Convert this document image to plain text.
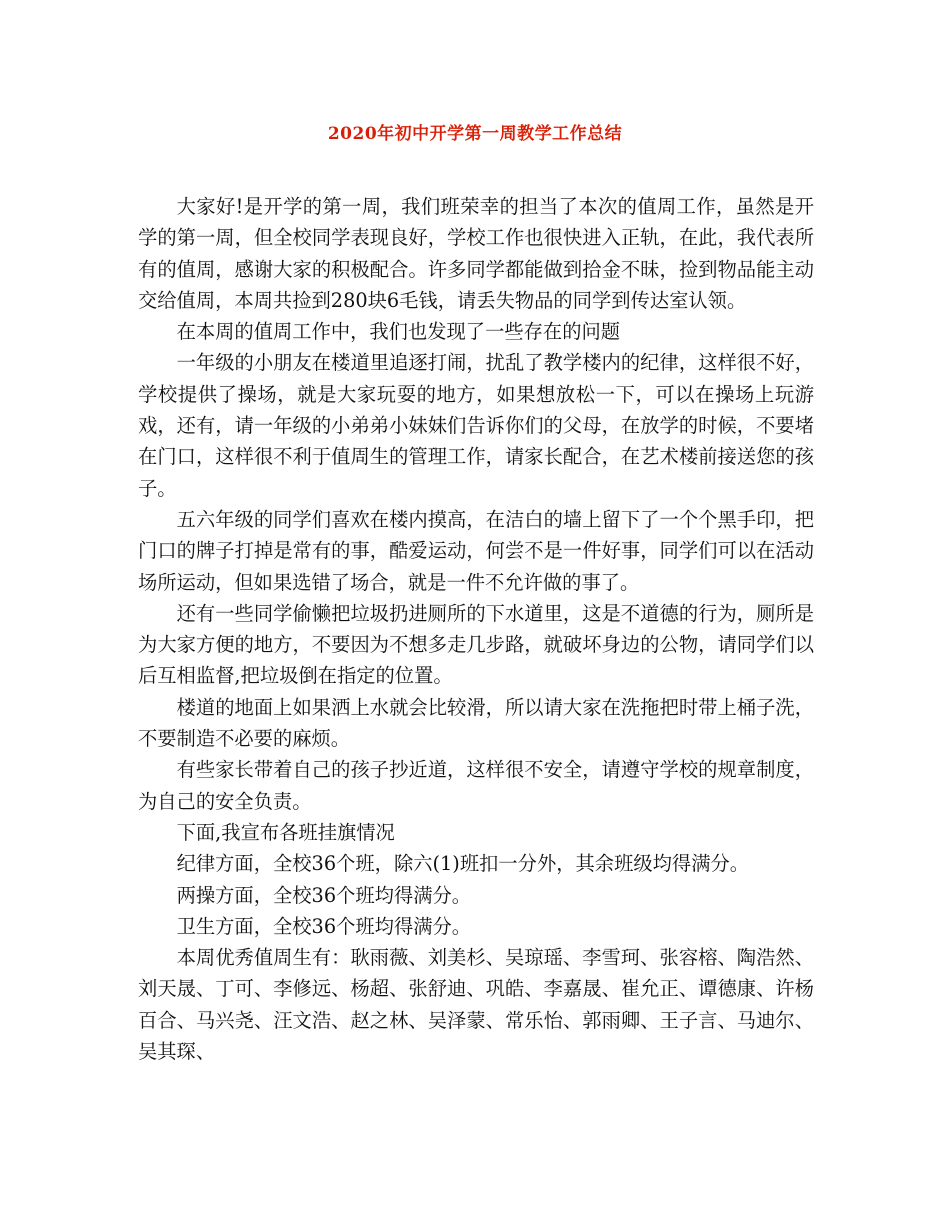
2020年初中开学第一周教学工作总结

大家好!是开学的第一周，我们班荣幸的担当了本次的值周工作，虽然是开学的第一周，但全校同学表现良好，学校工作也很快进入正轨，在此，我代表所有的值周，感谢大家的积极配合。许多同学都能做到拾金不昧，捡到物品能主动交给值周，本周共捡到280块6毛钱，请丢失物品的同学到传达室认领。

在本周的值周工作中，我们也发现了一些存在的问题

一年级的小朋友在楼道里追逐打闹，扰乱了教学楼内的纪律，这样很不好，学校提供了操场，就是大家玩耍的地方，如果想放松一下，可以在操场上玩游戏，还有，请一年级的小弟弟小妹妹们告诉你们的父母，在放学的时候，不要堵在门口，这样很不利于值周生的管理工作，请家长配合，在艺术楼前接送您的孩子。

五六年级的同学们喜欢在楼内摸高，在洁白的墙上留下了一个个黑手印，把门口的牌子打掉是常有的事，酷爱运动，何尝不是一件好事，同学们可以在活动场所运动，但如果选错了场合，就是一件不允许做的事了。

还有一些同学偷懒把垃圾扔进厕所的下水道里，这是不道德的行为，厕所是为大家方便的地方，不要因为不想多走几步路，就破坏身边的公物，请同学们以后互相监督,把垃圾倒在指定的位置。

楼道的地面上如果洒上水就会比较滑，所以请大家在洗拖把时带上桶子洗，不要制造不必要的麻烦。

有些家长带着自己的孩子抄近道，这样很不安全，请遵守学校的规章制度，为自己的安全负责。

下面,我宣布各班挂旗情况

纪律方面，全校36个班，除六(1)班扣一分外，其余班级均得满分。

两操方面，全校36个班均得满分。

卫生方面，全校36个班均得满分。

本周优秀值周生有：耿雨薇、刘美杉、吴琼瑶、李雪珂、张容榕、陶浩然、刘天晟、丁可、李修远、杨超、张舒迪、巩皓、李嘉晟、崔允正、谭德康、许杨百合、马兴尧、汪文浩、赵之林、吴泽蒙、常乐怡、郭雨卿、王子言、马迪尔、吴其琛、
